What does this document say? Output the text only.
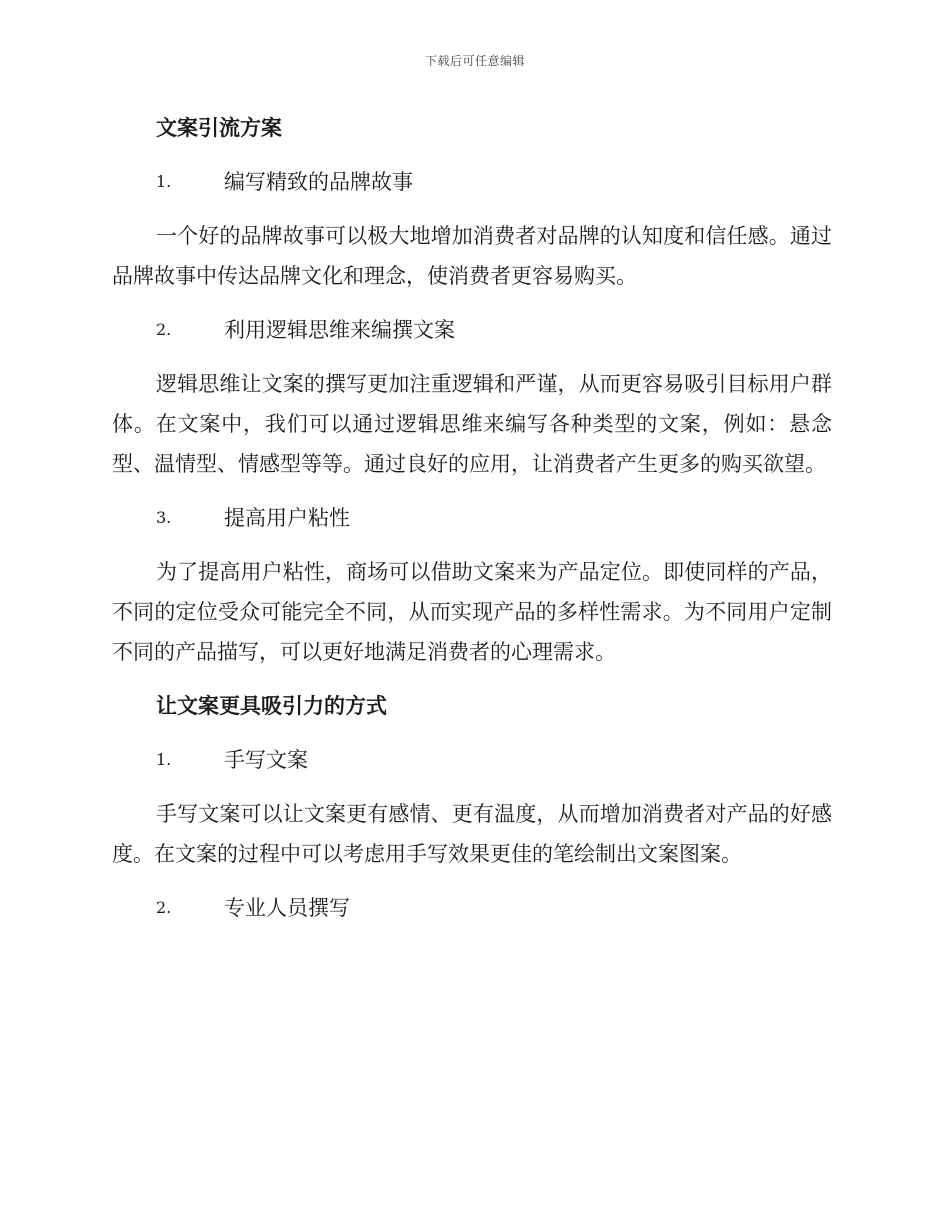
下载后可任意编辑
文案引流方案
1.	编写精致的品牌故事

一个好的品牌故事可以极大地增加消费者对品牌的认知度和信任感。通过品牌故事中传达品牌文化和理念，使消费者更容易购买。

2.	利用逻辑思维来编撰文案

逻辑思维让文案的撰写更加注重逻辑和严谨，从而更容易吸引目标用户群体。在文案中，我们可以通过逻辑思维来编写各种类型的文案，例如：悬念型、温情型、情感型等等。通过良好的应用，让消费者产生更多的购买欲望。

3.	提高用户粘性

为了提高用户粘性，商场可以借助文案来为产品定位。即使同样的产品，不同的定位受众可能完全不同，从而实现产品的多样性需求。为不同用户定制不同的产品描写，可以更好地满足消费者的心理需求。

让文案更具吸引力的方式
1.	手写文案

手写文案可以让文案更有感情、更有温度，从而增加消费者对产品的好感度。在文案的过程中可以考虑用手写效果更佳的笔绘制出文案图案。

2.	专业人员撰写
